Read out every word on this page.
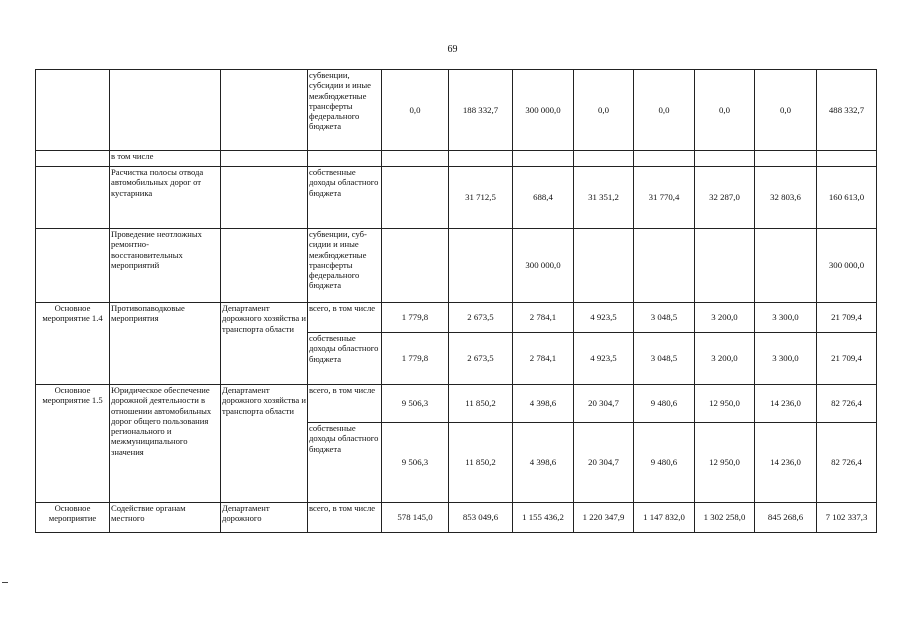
69
			субвенции, субсидии и иные межбюджетные трансферты федерального бюджета	0,0	188 332,7	300 000,0	0,0	0,0	0,0	0,0	488 332,7
	в том числе										
	Расчистка полосы отвода автомобильных дорог от кустарника		собственные доходы областного бюджета		31 712,5	688,4	31 351,2	31 770,4	32 287,0	32 803,6	160 613,0
	Проведение неотложных ремонтно-восстановительных мероприятий		субвенции, суб-сидии и иные межбюджетные трансферты федерального бюджета			300 000,0					300 000,0
Основное мероприятие 1.4	Противопаводковые мероприятия	Департамент дорожного хозяйства и транспорта области	всего, в том числе	1 779,8	2 673,5	2 784,1	4 923,5	3 048,5	3 200,0	3 300,0	21 709,4
			собственные доходы областного бюджета	1 779,8	2 673,5	2 784,1	4 923,5	3 048,5	3 200,0	3 300,0	21 709,4
Основное мероприятие 1.5	Юридическое обеспечение дорожной деятельности в отношении автомобильных дорог общего пользования регионального и межмуниципального значения	Департамент дорожного хозяйства и транспорта области	всего, в том числе	9 506,3	11 850,2	4 398,6	20 304,7	9 480,6	12 950,0	14 236,0	82 726,4
			собственные доходы областного бюджета	9 506,3	11 850,2	4 398,6	20 304,7	9 480,6	12 950,0	14 236,0	82 726,4
Основное мероприятие	Содействие органам местного	Департамент дорожного	всего, в том числе	578 145,0	853 049,6	1 155 436,2	1 220 347,9	1 147 832,0	1 302 258,0	845 268,6	7 102 337,3
